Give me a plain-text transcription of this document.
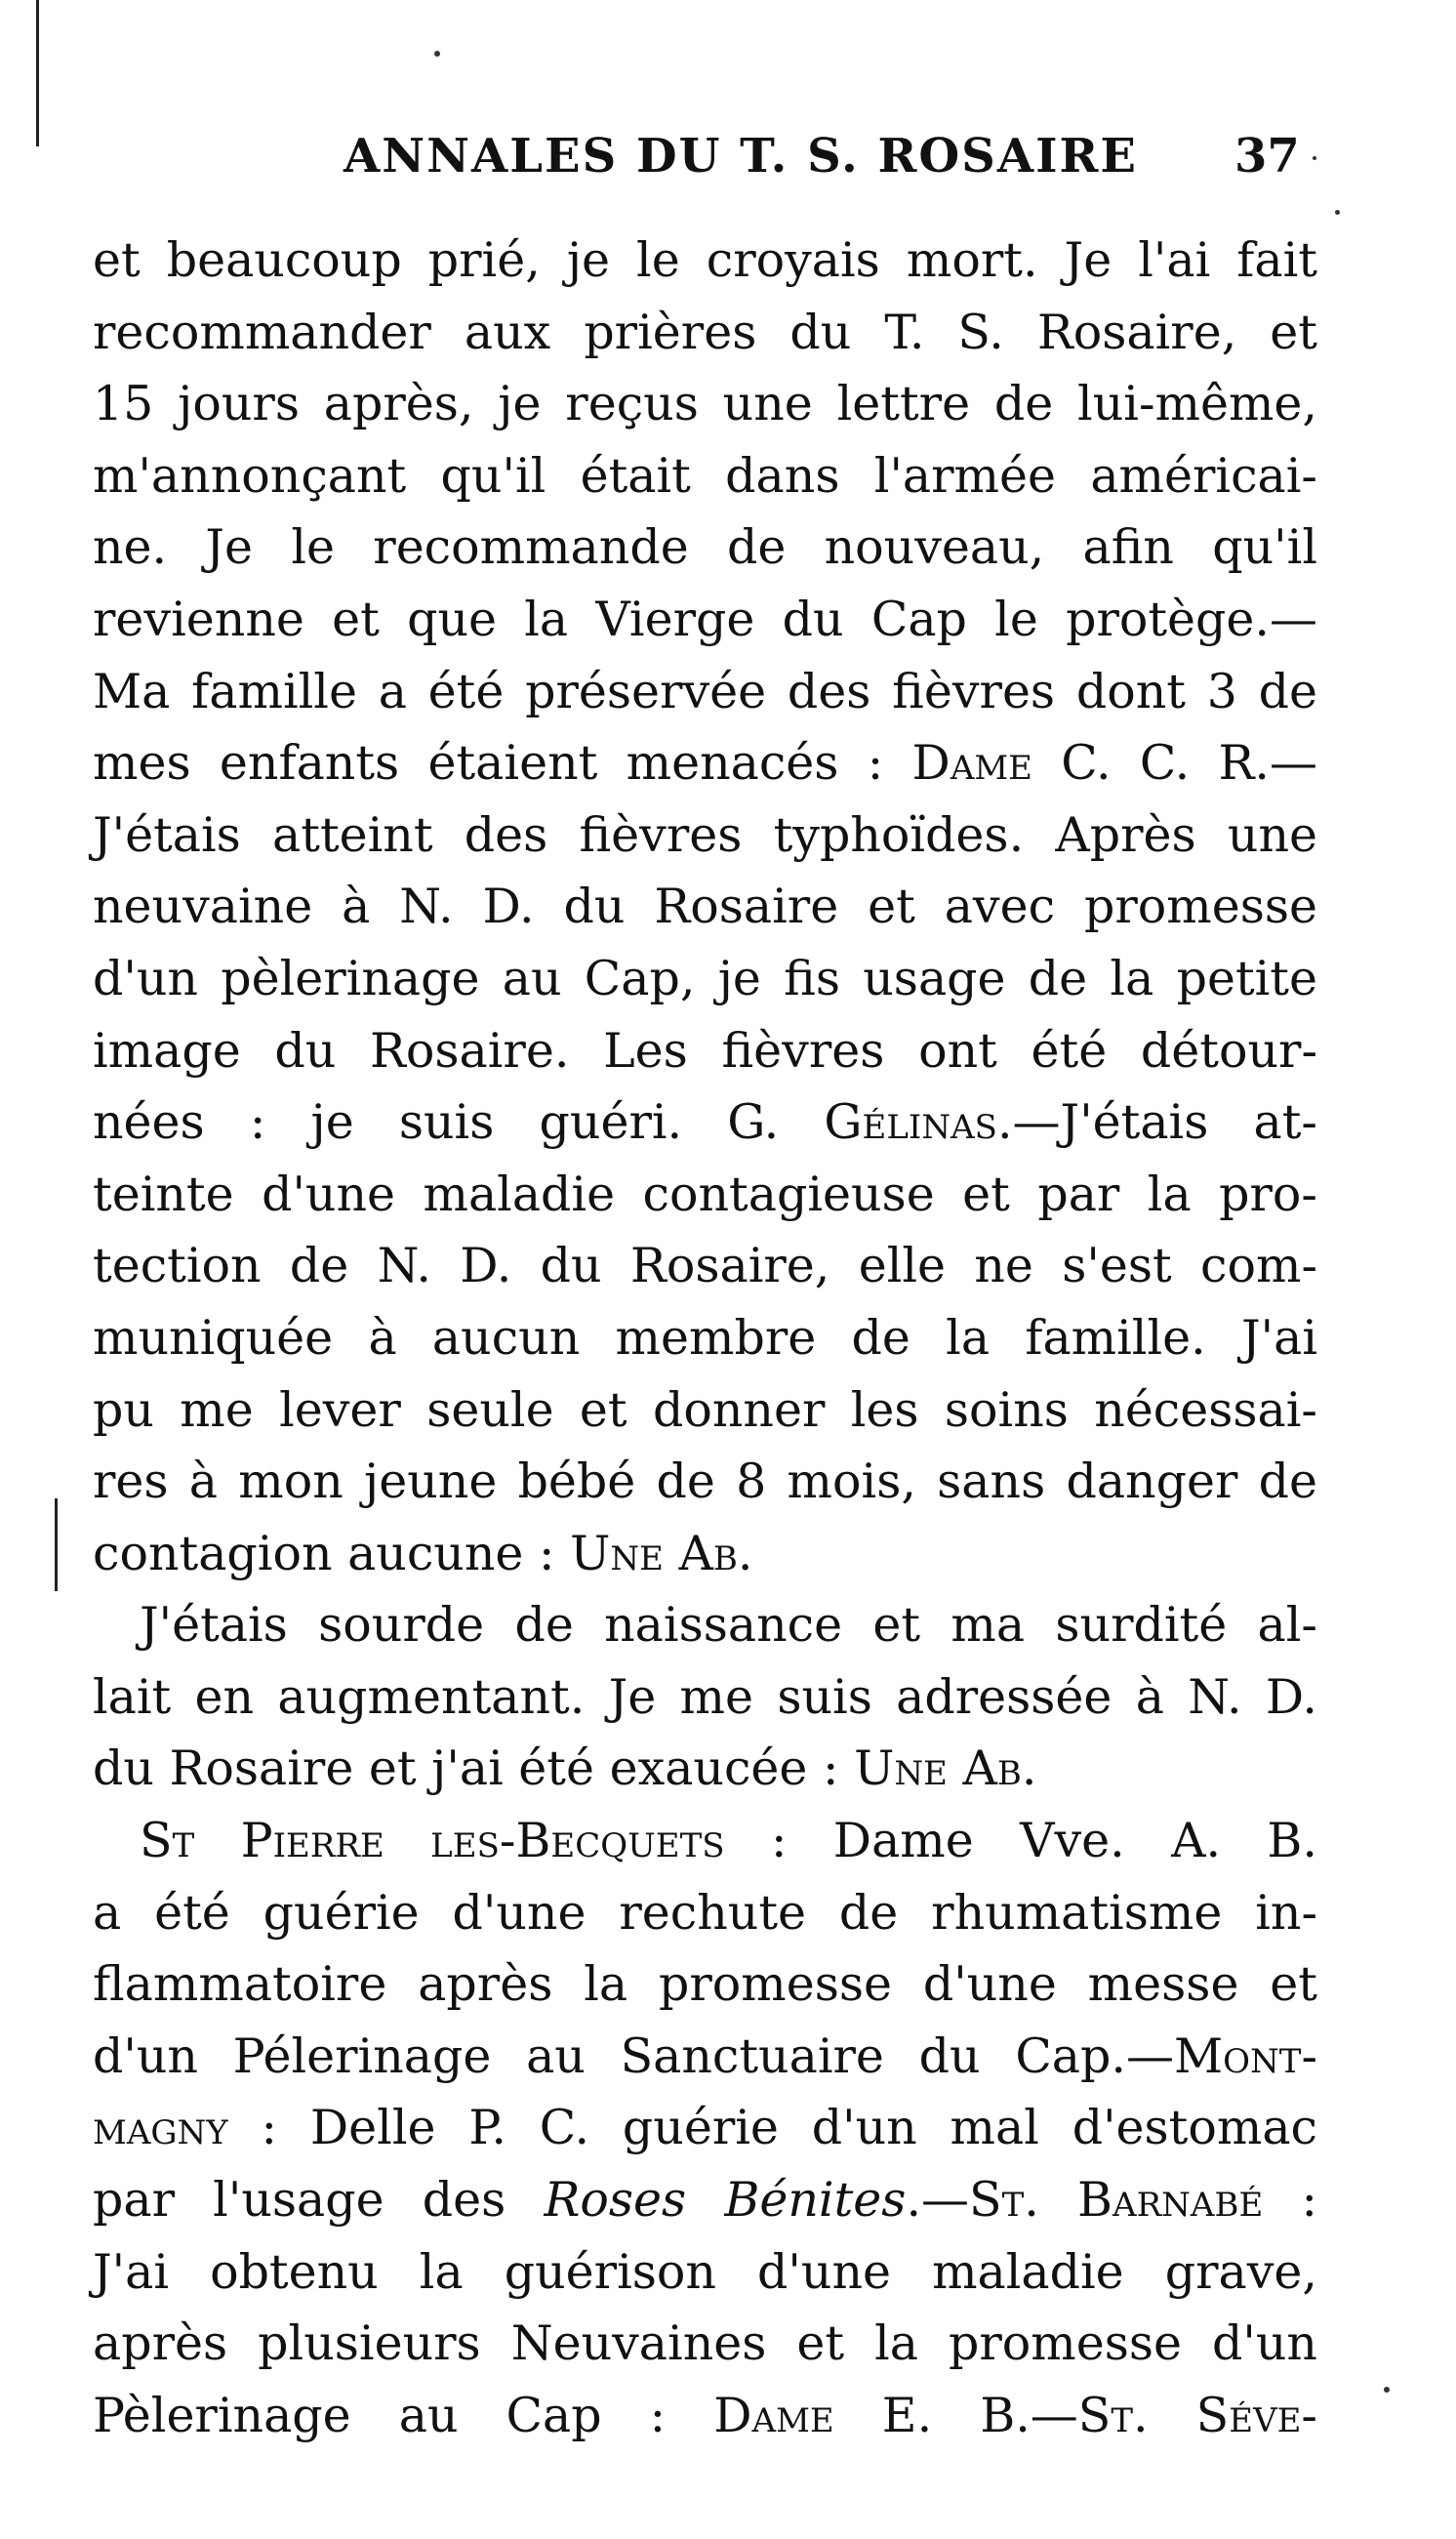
ANNALES DU T. S. ROSAIRE 37
et beaucoup prié, je le croyais mort. Je l'ai fait
recommander aux prières du T. S. Rosaire, et
15 jours après, je reçus une lettre de lui-même,
m'annonçant qu'il était dans l'armée américai-
ne. Je le recommande de nouveau, afin qu'il
revienne et que la Vierge du Cap le protège.—
Ma famille a été préservée des fièvres dont 3 de
mes enfants étaient menacés : Dame C. C. R.—
J'étais atteint des fièvres typhoïdes. Après une
neuvaine à N. D. du Rosaire et avec promesse
d'un pèlerinage au Cap, je fis usage de la petite
image du Rosaire. Les fièvres ont été détour-
nées : je suis guéri. G. Gélinas.—J'étais at-
teinte d'une maladie contagieuse et par la pro-
tection de N. D. du Rosaire, elle ne s'est com-
muniquée à aucun membre de la famille. J'ai
pu me lever seule et donner les soins nécessai-
res à mon jeune bébé de 8 mois, sans danger de
contagion aucune : Une Ab.
J'étais sourde de naissance et ma surdité al-
lait en augmentant. Je me suis adressée à N. D.
du Rosaire et j'ai été exaucée : Une Ab.
St Pierre les-Becquets : Dame Vve. A. B.
a été guérie d'une rechute de rhumatisme in-
flammatoire après la promesse d'une messe et
d'un Pélerinage au Sanctuaire du Cap.—Mont-
magny : Delle P. C. guérie d'un mal d'estomac
par l'usage des Roses Bénites.—St. Barnabé :
J'ai obtenu la guérison d'une maladie grave,
après plusieurs Neuvaines et la promesse d'un
Pèlerinage au Cap : Dame E. B.—St. Séve-
